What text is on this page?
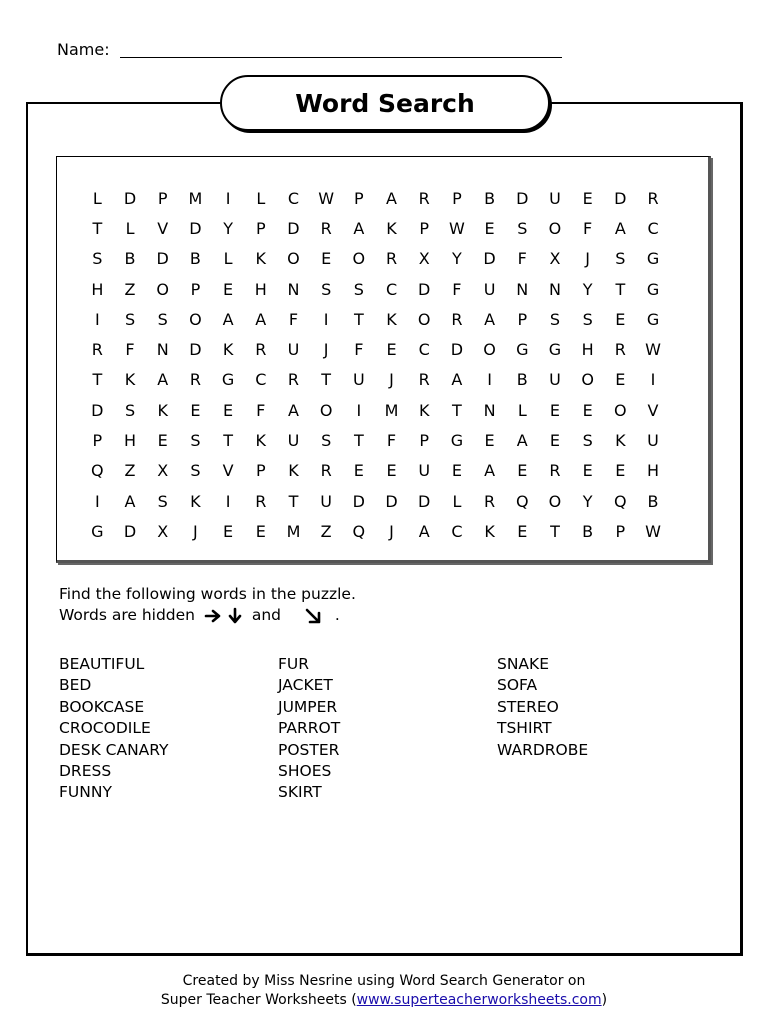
Name:
Word Search
L	D	P	M	I	L	C	W	P	A	R	P	B	D	U	E	D	R
T	L	V	D	Y	P	D	R	A	K	P	W	E	S	O	F	A	C
S	B	D	B	L	K	O	E	O	R	X	Y	D	F	X	J	S	G
H	Z	O	P	E	H	N	S	S	C	D	F	U	N	N	Y	T	G
I	S	S	O	A	A	F	I	T	K	O	R	A	P	S	S	E	G
R	F	N	D	K	R	U	J	F	E	C	D	O	G	G	H	R	W
T	K	A	R	G	C	R	T	U	J	R	A	I	B	U	O	E	I
D	S	K	E	E	F	A	O	I	M	K	T	N	L	E	E	O	V
P	H	E	S	T	K	U	S	T	F	P	G	E	A	E	S	K	U
Q	Z	X	S	V	P	K	R	E	E	U	E	A	E	R	E	E	H
I	A	S	K	I	R	T	U	D	D	D	L	R	Q	O	Y	Q	B
G	D	X	J	E	E	M	Z	Q	J	A	C	K	E	T	B	P	W
Find the following words in the puzzle.
Words are hidden	and	.
BEAUTIFUL
BED
BOOKCASE
CROCODILE
DESK CANARY
DRESS
FUNNY
FUR
JACKET
JUMPER
PARROT
POSTER
SHOES
SKIRT
SNAKE
SOFA
STEREO
TSHIRT
WARDROBE
Created by Miss Nesrine using Word Search Generator on
Super Teacher Worksheets (www.superteacherworksheets.com)
